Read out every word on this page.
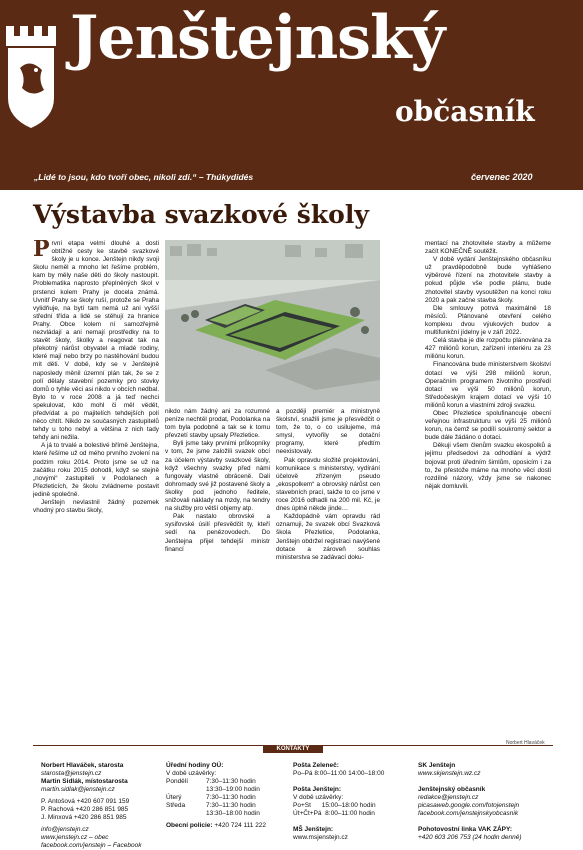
Jenštejnský
občasník
„Lidé to jsou, kdo tvoří obec, nikoli zdi.“ – Thúkydidés	červenec 2020
Výstavba svazkové školy

První etapa velmi dlouhé a dosti obtížné cesty ke stavbě svazkové školy je u konce. Jenštejn nikdy svoji školu neměl a mnoho let řešíme problém, kam by měly naše děti do školy nastoupit. Problematika naprosto přeplněných škol v prstenci kolem Prahy je docela známá. Uvnitř Prahy se školy ruší, protože se Praha vylidňuje, na bytí tam nemá už ani vyšší střední třída a lidé se stěhují za hranice Prahy. Obce kolem ní samozřejmě nezvládají a ani nemají prostředky na to stavět školy, školky a reagovat tak na překotný nárůst obyvatel a mladé rodiny, které mají nebo brzy po nastěhování budou mít děti. V době, kdy se v Jenštejně naposledy měnil územní plán tak, že se z polí dělaly stavební pozemky pro stovky domů o tyhle věci asi nikdo v obcích nedbal. Bylo to v roce 2008 a já teď nechci spekulovat, kdo mohl či měl vědět, předvídat a po majitelích tehdejších polí něco chtít. Nikdo ze současných zastupitelů tehdy u toho nebyl a většina z nich tady tehdy ani nežila.

A já to trvalé a bolestivé břímě Jenštejna, které řešíme už od mého prvního zvolení na podzim roku 2014. Proto jsme se už na začátku roku 2015 dohodli, když se stejně „novými“ zastupiteli v Podolanech a Přezleticích, že školu zvládneme postavit jedině společně.

Jenštejn nevlastnil žádný pozemek vhodný pro stavbu školy,

nikdo nám žádný ani za rozumné peníze nechtěl prodat, Podolanka na tom byla podobně a tak se k tomu převzetí stavby upsaly Přezletice.

Byli jsme taky prvními průkopníky v tom, že jsme založili svazek obcí za účelem výstavby svazkové školy, když všechny svazky před námi fungovaly vlastně obráceně. Dali dohromady své již postavené školy a školky pod jednoho ředitele, snižovali náklady na mzdy, na tendry na služby pro větší objemy atp.

Pak nastalo obrovské a sysifovské úsilí přesvědčit ty, kteří sedí na penězovodech. Do Jenštejna přijel tehdejší ministr financí

a později premiér a ministryně školství, snažili jsme je přesvědčit o tom, že to, o co usilujeme, má smysl, vytvořily se dotační programy, které předtím neexistovaly.

Pak opravdu složité projektování, komunikace s ministerstvy, vydírání účelově zřízeným pseudo „ekospolkem“ a obrovský nárůst cen stavebních prací, takže to co jsme v roce 2016 odhadli na 200 mil. Kč, je dnes úplně někde jinde…

Každopádně vám opravdu rád oznamuji, že svazek obcí Svazková škola Přezletice, Podolanka, Jenštejn obdržel registraci navýšené dotace a zároveň souhlas ministerstva se zadávací doku-

mentací na zhotovitele stavby a můžeme začít KONEČNĚ soutěžit.

V době vydání Jenštejnského občasníku už pravděpodobně bude vyhlášeno výběrové řízení na zhotovitele stavby a pokud půjde vše podle plánu, bude zhotovitel stavby vysoutěžen na konci roku 2020 a pak začne stavba školy.

Dle smlouvy potrvá maximálně 18 měsíců. Plánované otevření celého komplexu dvou výukových budov a multifunkční jídelny je v září 2022.

Celá stavba je dle rozpočtu plánována za 427 miliónů korun, zařízení interiéru za 23 miliónu korun.

Financována bude ministerstvem školství dotací ve výši 298 miliónů korun, Operačním programem životního prostředí dotací ve výši 50 miliónů korun, Středočeským krajem dotací ve výši 10 miliónů korun a vlastními zdroji svazku.

Obec Přezletice spolufinancuje obecní veřejnou infrastrukturu ve výši 25 miliónů korun, na čemž se podílí soukromý sektor a bude dále žádáno o dotaci.

Děkuji všem členům svazku ekospolků a jejímu předsedovi za odhodlání a výdrž bojovat proti úředním šimlům, oposicím i za to, že přestože máme na mnoho věcí dosti rozdílné názory, vždy jsme se nakonec nějak domluvili.

Norbert Hlaváček
KONTAKTY
Norbert Hlaváček, starosta
starosta@jenstejn.cz
Martin Sidlák, místostarosta
martin.sidlak@jenstejn.cz
P. Antošová +420 607 091 159
P. Rachová +420 286 851 985
J. Minxová +420 286 851 985
info@jenstejn.cz
www.jenstejn.cz – obec
facebook.com/jenstejn – Facebook
Úřední hodiny OÚ:
V době uzávěrky:
Pondělí	7:30–11:30 hodin
13:30–19:00 hodin
Úterý	7:30–11:30 hodin
Středa	7:30–11:30 hodin
13:30–18:00 hodin
Obecní policie: +420 724 111 222
Pošta Zeleneč:
Po–Pá 8:00–11:00 14:00–18:00
Pošta Jenštejn:
V době uzávěrky:
Po+St      15:00–18:00 hodin
Út+Čt+Pá  8:00–11:00 hodin
MŠ Jenštejn:
www.msjenstejn.cz
SK Jenštejn
www.skjenstejn.wz.cz
Jenštejnský občasník
redakce@jenstejn.cz
picasaweb.google.com/fotojenstejn
facebook.com/jenstejnskyobcasnik
Pohotovostní linka VAK ZÁPY:
+420 603 206 753 (24 hodin denně)
